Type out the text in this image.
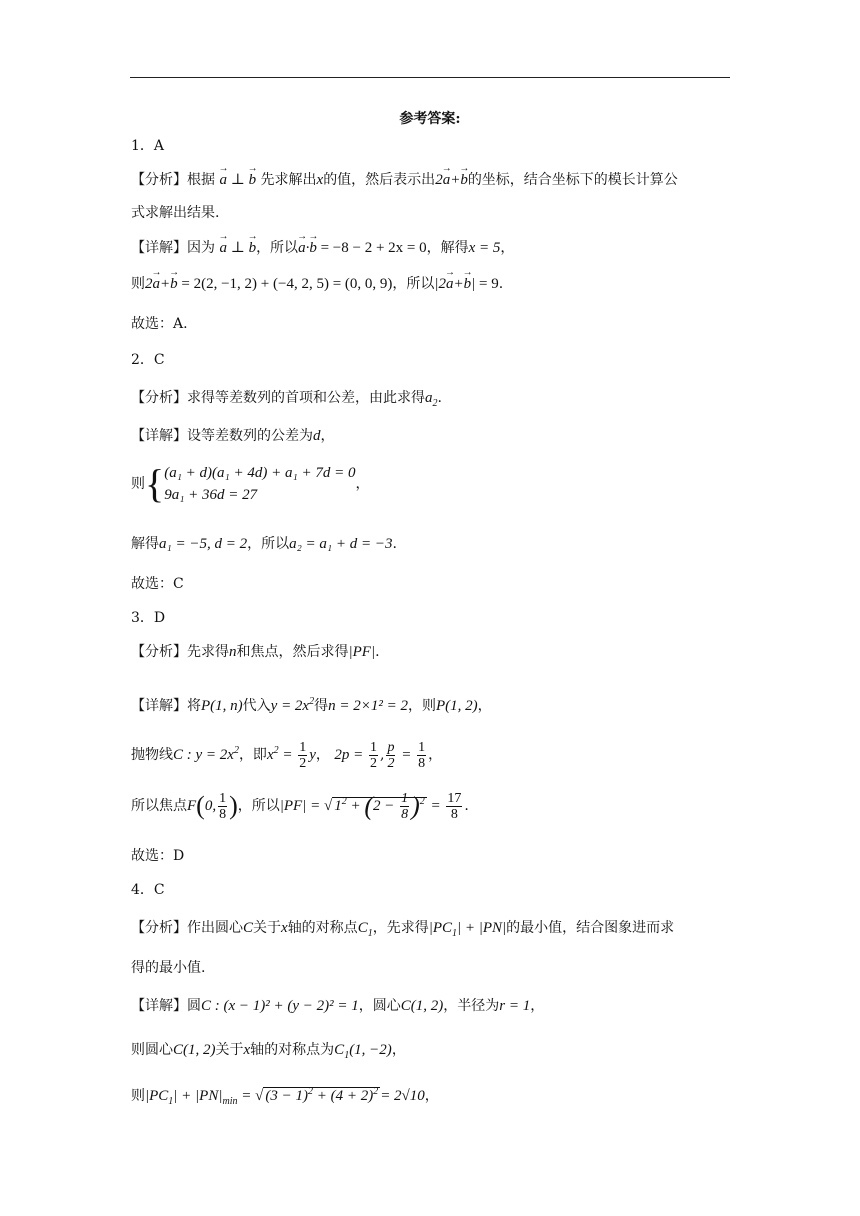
参考答案:
1．A
【分析】根据 → a ⊥ → b 先求解出x的值，然后表示出2→ a+→ b的坐标，结合坐标下的模长计算公
式求解出结果.
【详解】因为 → a ⊥ → b，所以→ a·→ b = −8 − 2 + 2x = 0，解得x = 5，
则2→ a+→ b = 2(2, −1, 2) + (−4, 2, 5) = (0, 0, 9)，所以|2→ a+→ b| = 9.
故选：A.
2．C
【分析】求得等差数列的首项和公差，由此求得$a_2$.
【详解】设等差数列的公差为d，
则{ (a₁ + d)(a₁ + 4d) + a₁ + 7d = 0
9a₁ + 36d = 27
，
解得a₁ = −5, d = 2，所以a₂ = a₁ + d = −3.
故选：C
3．D
【分析】先求得n和焦点，然后求得|PF|.
【详解】将P(1, n)代入$y = 2x^2$得n = 2×1² = 2，则P(1, 2)，
抛物线C : $y = 2x^2$，即$x^2 = \frac{1}{2}$ y， $2p = \frac{1}{2}$ , $\frac{p}{2} = \frac{1}{8}$ ，
所以焦点F(0, $\frac{1}{8}$ )，所以|PF| = √ $1^2 + (2 - \frac{1}{8} )^2 = \frac{17}{8}$ .
故选：D
4．C
【分析】作出圆心C关于x轴的对称点$C_1$，先求得$|PC_1| + |PN|$的最小值，结合图象进而求
得的最小值.
【详解】圆C : (x − 1)² + (y − 2)² = 1，圆心C(1, 2)，半径为r = 1，
则圆心C(1, 2)关于x轴的对称点为$C_1(1$, −2)，
则$|PC_1| + |PN|_{min}$ = √ $(3 - 1)^2 + (4 + 2)^2 = 2√10$，
